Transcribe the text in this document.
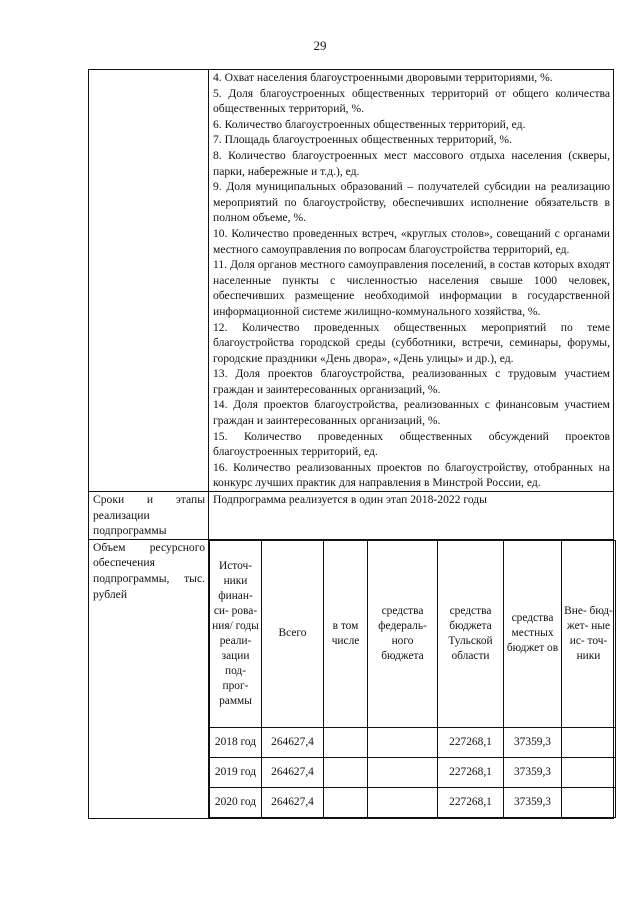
29

4. Охват населения благоустроенными дворовыми территориями, %.

5. Доля благоустроенных общественных территорий от общего количества общественных территорий, %.

6. Количество благоустроенных общественных территорий, ед.

7. Площадь благоустроенных общественных территорий, %.

8. Количество благоустроенных мест массового отдыха населения (скверы, парки, набережные и т.д.), ед.

9. Доля муниципальных образований – получателей субсидии на реализацию мероприятий по благоустройству, обеспечивших исполнение обязательств в полном объеме, %.

10. Количество проведенных встреч, «круглых столов», совещаний с органами местного самоуправления по вопросам благоустройства территорий, ед.

11. Доля органов местного самоуправления поселений, в состав которых входят населенные пункты с численностью населения свыше 1000 человек, обеспечивших размещение необходимой информации в государственной информационной системе жилищно-коммунального хозяйства, %.

12. Количество проведенных общественных мероприятий по теме благоустройства городской среды (субботники, встречи, семинары, форумы, городские праздники «День двора», «День улицы» и др.), ед.

13. Доля проектов благоустройства, реализованных с трудовым участием граждан и заинтересованных организаций, %.

14. Доля проектов благоустройства, реализованных с финансовым участием граждан и заинтересованных организаций, %.

15. Количество проведенных общественных обсуждений проектов благоустроенных территорий, ед.

16. Количество реализованных проектов по благоустройству, отобранных на конкурс лучших практик для направления в Минстрой России, ед.

Сроки и этапы реализации подпрограммы	Подпрограмма реализуется в один этап 2018-2022 годы
Объем ресурсного обеспечения подпрограммы, тыс. рублей	
Источ- ники финан- си- рова- ния/ годы реали- зации под- прог- раммы	Всего	в том числе	средства федераль- ного бюджета	средства бюджета Тульской области	средства местных бюджет ов	Вне- бюд- жет- ные ис- точ- ники
2018 год	264627,4			227268,1	37359,3	
2019 год	264627,4			227268,1	37359,3	
2020 год	264627,4			227268,1	37359,3	
